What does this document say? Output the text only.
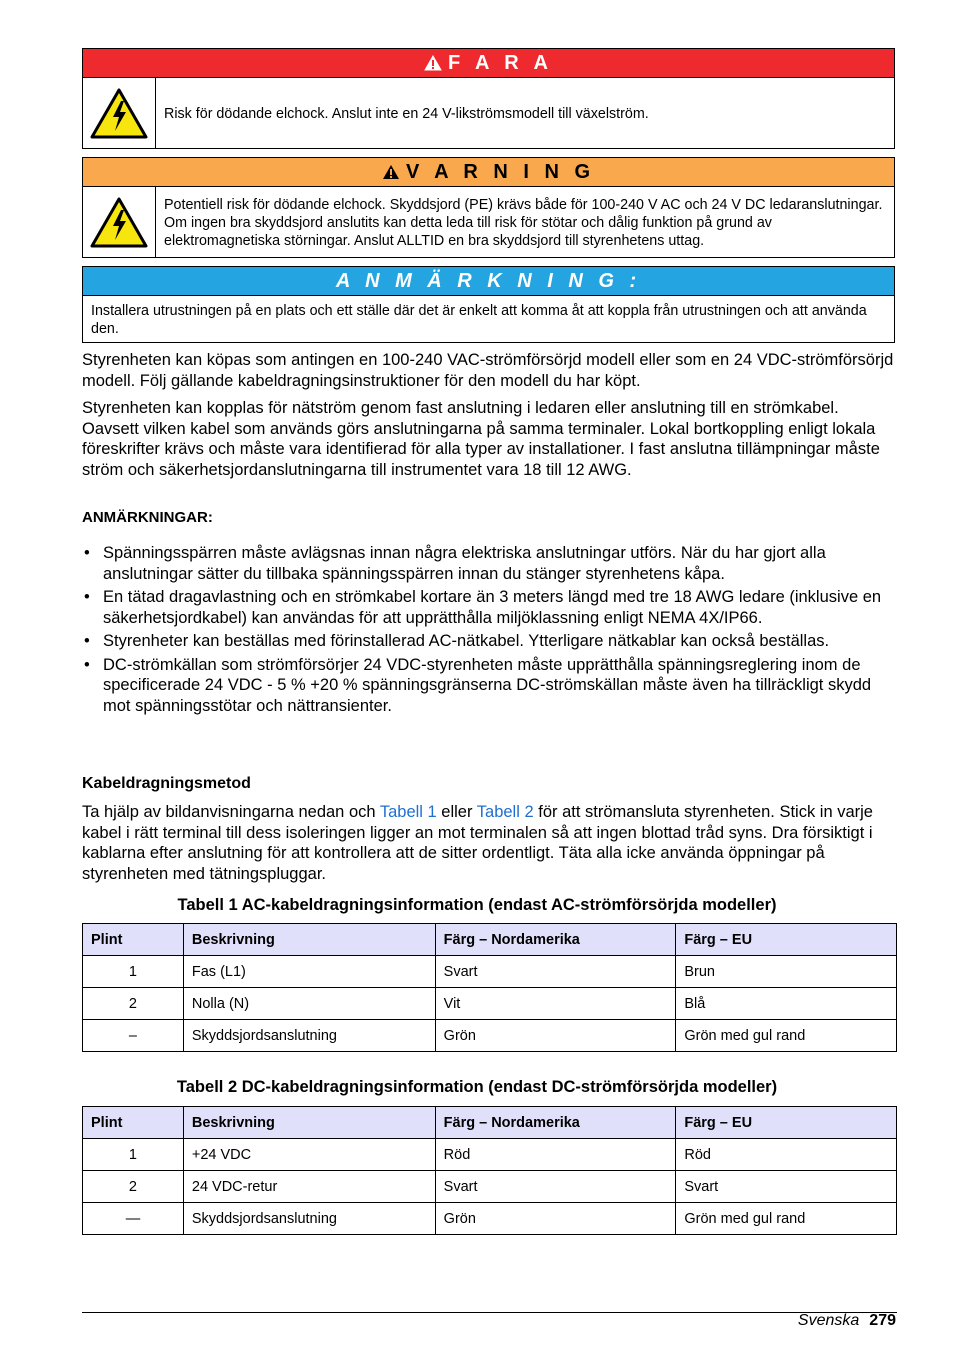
F A R A
Risk för dödande elchock. Anslut inte en 24 V-likströmsmodell till växelström.
V A R N I N G
Potentiell risk för dödande elchock. Skyddsjord (PE) krävs både för 100-240 V AC och 24 V DC ledaranslutningar. Om ingen bra skyddsjord anslutits kan detta leda till risk för stötar och dålig funktion på grund av elektromagnetiska störningar. Anslut ALLTID en bra skyddsjord till styrenhetens uttag.
A N M Ä R K N I N G :
Installera utrustningen på en plats och ett ställe där det är enkelt att komma åt att koppla från utrustningen och att använda den.

Styrenheten kan köpas som antingen en 100-240 VAC-strömförsörjd modell eller som en 24 VDC-strömförsörjd modell. Följ gällande kabeldragningsinstruktioner för den modell du har köpt.

Styrenheten kan kopplas för nätström genom fast anslutning i ledaren eller anslutning till en strömkabel. Oavsett vilken kabel som används görs anslutningarna på samma terminaler. Lokal bortkoppling enligt lokala föreskrifter krävs och måste vara identifierad för alla typer av installationer. I fast anslutna tillämpningar måste ström och säkerhetsjordanslutningarna till instrumentet vara 18 till 12 AWG.

ANMÄRKNINGAR:

• Spänningsspärren måste avlägsnas innan några elektriska anslutningar utförs. När du har gjort alla anslutningar sätter du tillbaka spänningsspärren innan du stänger styrenhetens kåpa.
• En tätad dragavlastning och en strömkabel kortare än 3 meters längd med tre 18 AWG ledare (inklusive en säkerhetsjordkabel) kan användas för att upprätthålla miljöklassning enligt NEMA 4X/IP66.
• Styrenheter kan beställas med förinstallerad AC-nätkabel. Ytterligare nätkablar kan också beställas.
• DC-strömkällan som strömförsörjer 24 VDC-styrenheten måste upprätthålla spänningsreglering inom de specificerade 24 VDC - 5 % +20 % spänningsgränserna DC-strömskällan måste även ha tillräckligt skydd mot spänningsstötar och nättransienter.

Kabeldragningsmetod

Ta hjälp av bildanvisningarna nedan och Tabell 1 eller Tabell 2 för att strömansluta styrenheten. Stick in varje kabel i rätt terminal till dess isoleringen ligger an mot terminalen så att ingen blottad tråd syns. Dra försiktigt i kablarna efter anslutning för att kontrollera att de sitter ordentligt. Täta alla icke använda öppningar på styrenheten med tätningspluggar.

Tabell 1 AC-kabeldragningsinformation (endast AC-strömförsörjda modeller)
Plint	Beskrivning	Färg – Nordamerika	Färg – EU
1	Fas (L1)	Svart	Brun
2	Nolla (N)	Vit	Blå
–	Skyddsjordsanslutning	Grön	Grön med gul rand
Tabell 2 DC-kabeldragningsinformation (endast DC-strömförsörjda modeller)
Plint	Beskrivning	Färg – Nordamerika	Färg – EU
1	+24 VDC	Röd	Röd
2	24 VDC-retur	Svart	Svart
—	Skyddsjordsanslutning	Grön	Grön med gul rand
Svenska 279
